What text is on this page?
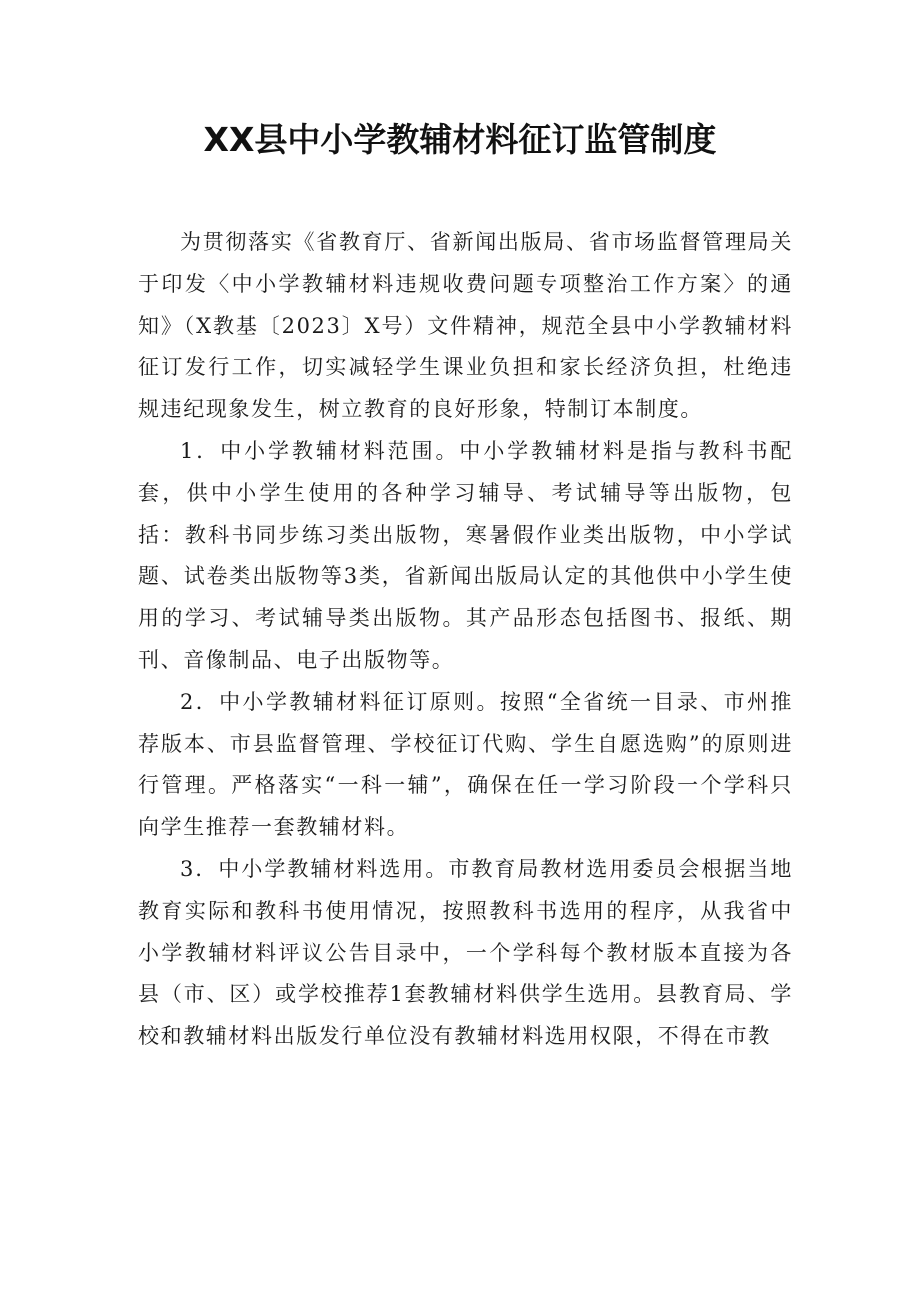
XX县中小学教辅材料征订监管制度

为贯彻落实《省教育厅、省新闻出版局、省市场监督管理局关于印发〈中小学教辅材料违规收费问题专项整治工作方案〉的通知》（X教基〔2023〕X号）文件精神，规范全县中小学教辅材料征订发行工作，切实减轻学生课业负担和家长经济负担，杜绝违规违纪现象发生，树立教育的良好形象，特制订本制度。

1．中小学教辅材料范围。中小学教辅材料是指与教科书配套，供中小学生使用的各种学习辅导、考试辅导等出版物，包括：教科书同步练习类出版物，寒暑假作业类出版物，中小学试题、试卷类出版物等3类，省新闻出版局认定的其他供中小学生使用的学习、考试辅导类出版物。其产品形态包括图书、报纸、期刊、音像制品、电子出版物等。

2．中小学教辅材料征订原则。按照“全省统一目录、市州推荐版本、市县监督管理、学校征订代购、学生自愿选购”的原则进行管理。严格落实“一科一辅”，确保在任一学习阶段一个学科只向学生推荐一套教辅材料。

3．中小学教辅材料选用。市教育局教材选用委员会根据当地教育实际和教科书使用情况，按照教科书选用的程序，从我省中小学教辅材料评议公告目录中，一个学科每个教材版本直接为各县（市、区）或学校推荐1套教辅材料供学生选用。县教育局、学校和教辅材料出版发行单位没有教辅材料选用权限，不得在市教
